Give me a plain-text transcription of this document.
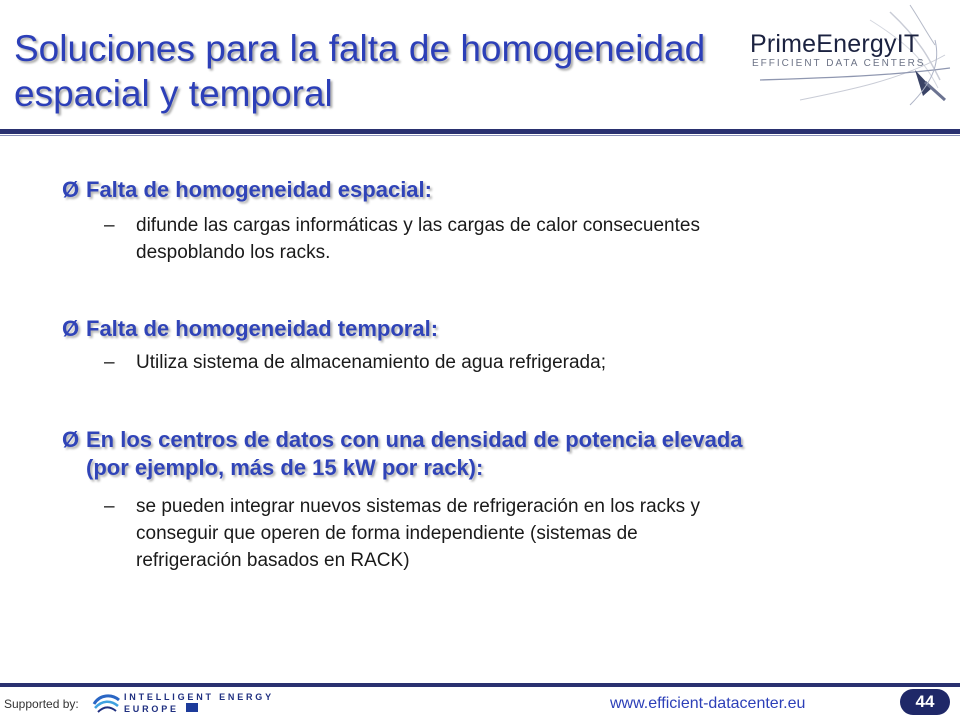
Soluciones para la falta de homogeneidad
espacial y temporal
PrimeEnergyIT
EFFICIENT DATA CENTERS
Ø Falta de homogeneidad espacial:
–	difunde las cargas informáticas y las cargas de calor consecuentes
despoblando los racks.
Ø Falta de homogeneidad temporal:
–	Utiliza sistema de almacenamiento de agua refrigerada;
Ø En los centros de datos con una densidad de potencia elevada
(por ejemplo, más de 15 kW por rack):
–	se pueden integrar nuevos sistemas de refrigeración en los racks y
conseguir que operen de forma independiente (sistemas de
refrigeración basados en RACK)
Supported by:	INTELLIGENT ENERGY
EUROPE	www.efficient-datacenter.eu	44
